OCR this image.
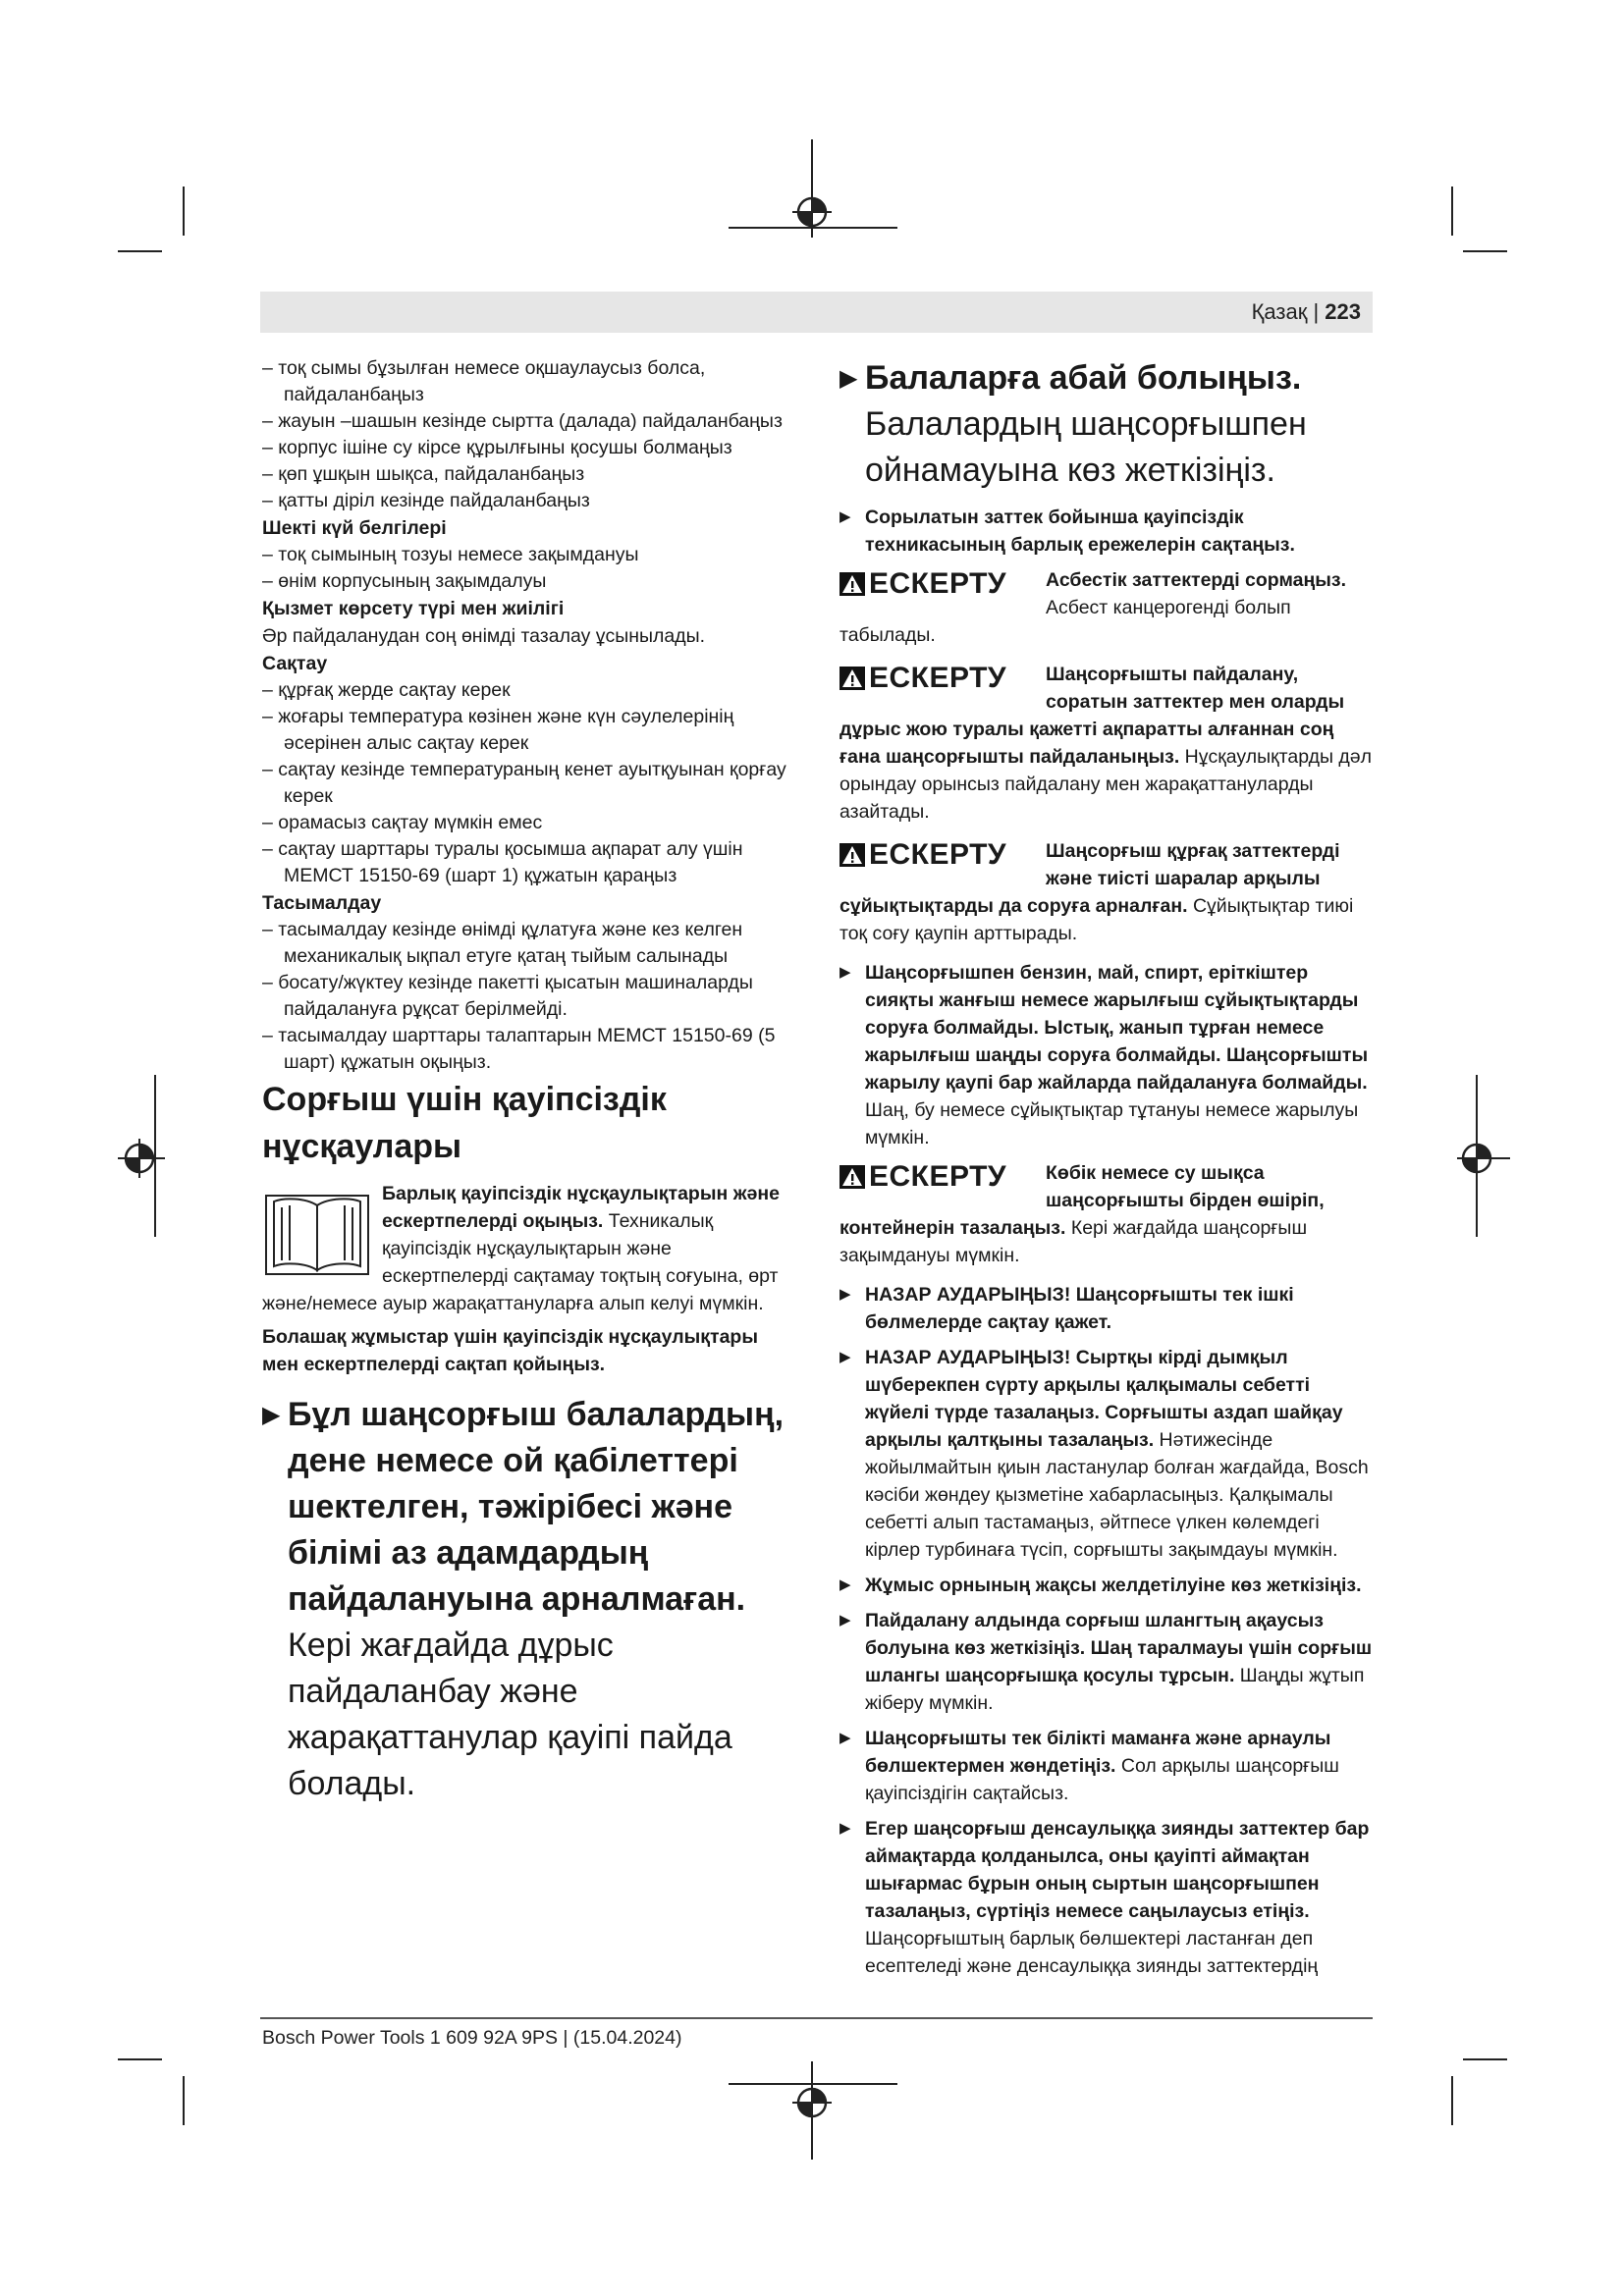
Қазақ | 223

– тоқ сымы бұзылған немесе оқшаулаусыз болса, пайдаланбаңыз

– жауын –шашын кезінде сыртта (далада) пайдаланбаңыз

– корпус ішіне су кірсе құрылғыны қосушы болмаңыз

– қөп ұшқын шықса, пайдаланбаңыз

– қатты діріл кезінде пайдаланбаңыз

Шекті күй белгілері

– тоқ сымының тозуы немесе зақымдануы

– өнім корпусының зақымдалуы

Қызмет көрсету түрі мен жиілігі

Әр пайдаланудан соң өнімді тазалау ұсынылады.

Сақтау

– құрғақ жерде сақтау керек

– жоғары температура көзінен және күн сәулелерінің әсерінен алыс сақтау керек

– сақтау кезінде температураның кенет ауытқуынан қорғау керек

– орамасыз сақтау мүмкін емес

– сақтау шарттары туралы қосымша ақпарат алу үшін МЕМСТ 15150-69 (шарт 1) құжатын қараңыз

Тасымалдау

– тасымалдау кезінде өнімді құлатуға және кез келген механикалық ықпал етуге қатаң тыйым салынады

– босату/жүктеу кезінде пакетті қысатын машиналарды пайдалануға рұқсат берілмейді.

– тасымалдау шарттары талаптарын МЕМСТ 15150-69 (5 шарт) құжатын оқыңыз.

Сорғыш үшін қауіпсіздік нұсқаулары

Барлық қауіпсіздік нұсқаулықтарын және ескертпелерді оқыңыз. Техникалық қауіпсіздік нұсқаулықтарын және ескертпелерді сақтамау тоқтың соғуына, өрт және/немесе ауыр жарақаттануларға алып келуі мүмкін.

Болашақ жұмыстар үшін қауіпсіздік нұсқаулықтары мен ескертпелерді сақтап қойыңыз.

▶ Бұл шаңсорғыш балалардың, дене немесе ой қабілеттері шектелген, тәжірібесі және білімі аз адамдардың пайдалануына арналмаған. Кері жағдайда дұрыс пайдаланбау және жарақаттанулар қауіпі пайда болады.
▶ Балаларға абай болыңыз.
Балалардың шаңсорғышпен ойнамауына көз жеткізіңіз.
▶ Сорылатын заттек бойынша қауіпсіздік техникасының барлық ережелерін сақтаңыз.
ЕСКЕРТУ	Асбестік заттектерді сормаңыз. Асбест канцерогенді болып табылады.
ЕСКЕРТУ	Шаңсорғышты пайдалану, соратын заттектер мен оларды дұрыс жою туралы қажетті ақпаратты алғаннан соң ғана шаңсорғышты пайдаланыңыз. Нұсқаулықтарды дәл орындау орынсыз пайдалану мен жарақаттануларды азайтады.
ЕСКЕРТУ	Шаңсорғыш құрғақ заттектерді және тиісті шаралар арқылы сұйықтықтарды да соруға арналған. Сұйықтықтар тиюі тоқ соғу қаупін арттырады.
▶ Шаңсорғышпен бензин, май, спирт, еріткіштер сияқты жанғыш немесе жарылғыш сұйықтықтарды соруға болмайды. Ыстық, жанып тұрған немесе жарылғыш шаңды соруға болмайды. Шаңсорғышты жарылу қаупі бар жайларда пайдалануға болмайды. Шаң, бу немесе сұйықтықтар тұтануы немесе жарылуы мүмкін.
ЕСКЕРТУ	Көбік немесе су шықса шаңсорғышты бірден өшіріп, контейнерін тазалаңыз. Кері жағдайда шаңсорғыш зақымдануы мүмкін.
▶ НАЗАР АУДАРЫҢЫЗ! Шаңсорғышты тек ішкі бөлмелерде сақтау қажет.
▶ НАЗАР АУДАРЫҢЫЗ! Сыртқы кірді дымқыл шүберекпен сүрту арқылы қалқымалы себетті жүйелі түрде тазалаңыз. Сорғышты аздап шайқау арқылы қалтқыны тазалаңыз. Нәтижесінде жойылмайтын қиын ластанулар болған жағдайда, Bosch кәсіби жөндеу қызметіне хабарласыңыз. Қалқымалы себетті алып тастамаңыз, әйтпесе үлкен көлемдегі кірлер турбинаға түсіп, сорғышты зақымдауы мүмкін.
▶ Жұмыс орнының жақсы желдетілуіне көз жеткізіңіз.
▶ Пайдалану алдында сорғыш шлангтың ақаусыз болуына көз жеткізіңіз. Шаң таралмауы үшін сорғыш шлангы шаңсорғышқа қосулы тұрсын. Шаңды жұтып жіберу мүмкін.
▶ Шаңсорғышты тек білікті маманға және арнаулы бөлшектермен жөндетіңіз. Сол арқылы шаңсорғыш қауіпсіздігін сақтайсыз.
▶ Егер шаңсорғыш денсаулыққа зиянды заттектер бар аймақтарда қолданылса, оны қауіпті аймақтан шығармас бұрын оның сыртын шаңсорғышпен тазалаңыз, сүртіңіз немесе саңылаусыз етіңіз. Шаңсорғыштың барлық бөлшектері ластанған деп есептеледі және денсаулыққа зиянды заттектердің
Bosch Power Tools 1 609 92A 9PS | (15.04.2024)
